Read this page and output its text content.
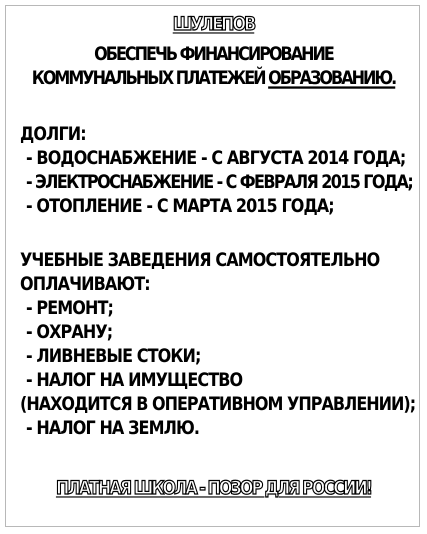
ШУЛЕПОВ
ОБЕСПЕЧЬ ФИНАНСИРОВАНИЕ
КОММУНАЛЬНЫХ ПЛАТЕЖЕЙ ОБРАЗОВАНИЮ.
ДОЛГИ:
- ВОДОСНАБЖЕНИЕ - С АВГУСТА 2014 ГОДА;
- ЭЛЕКТРОСНАБЖЕНИЕ - С ФЕВРАЛЯ 2015 ГОДА;
- ОТОПЛЕНИЕ - С МАРТА 2015 ГОДА;
УЧЕБНЫЕ ЗАВЕДЕНИЯ САМОСТОЯТЕЛЬНО
ОПЛАЧИВАЮТ:
- РЕМОНТ;
- ОХРАНУ;
- ЛИВНЕВЫЕ СТОКИ;
- НАЛОГ НА ИМУЩЕСТВО
(НАХОДИТСЯ В ОПЕРАТИВНОМ УПРАВЛЕНИИ);
- НАЛОГ НА ЗЕМЛЮ.
ПЛАТНАЯ ШКОЛА - ПОЗОР ДЛЯ РОССИИ!
